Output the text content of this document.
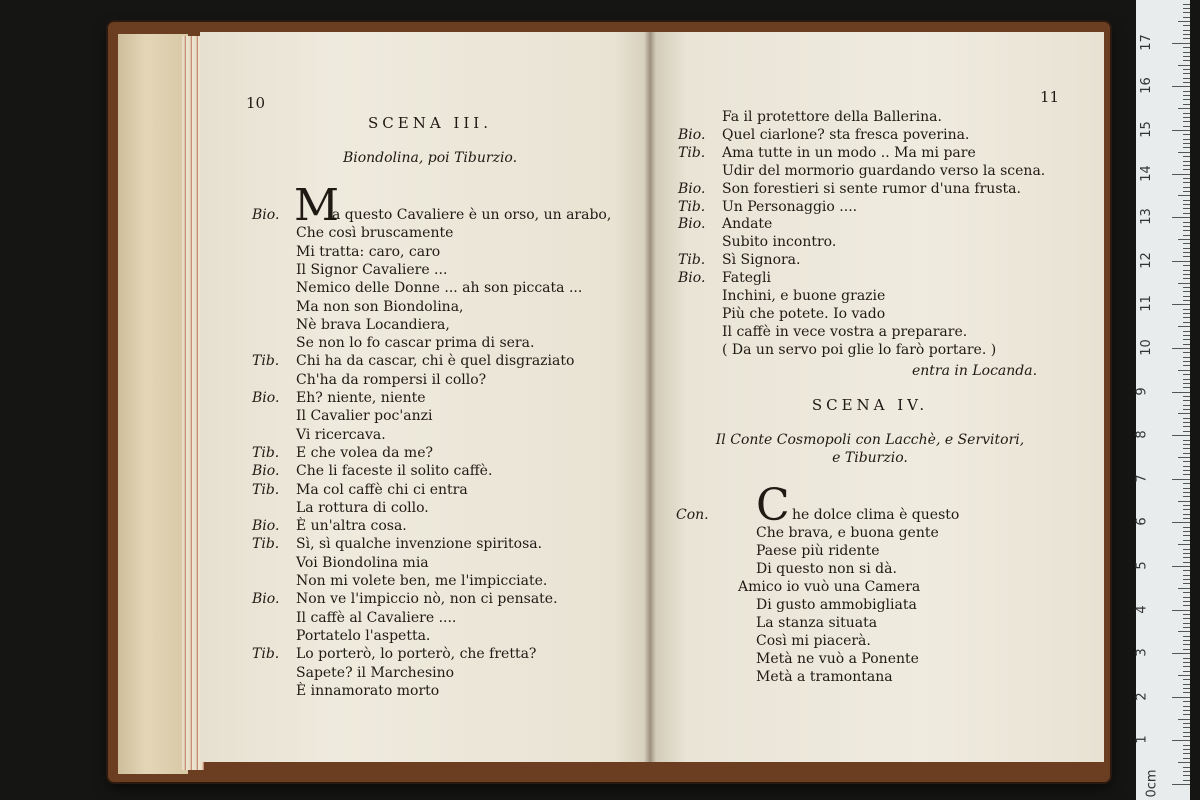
10
SCENA III.
Biondolina, poi Tiburzio.
M
Bio.	a questo Cavaliere è un orso, un arabo,
Che così bruscamente
Mi tratta: caro, caro
Il Signor Cavaliere ...
Nemico delle Donne ... ah son piccata ...
Ma non son Biondolina,
Nè brava Locandiera,
Se non lo fo cascar prima di sera.
Tib. Chi ha da cascar, chi è quel disgraziato
Ch'ha da rompersi il collo?
Bio. Eh? niente, niente
Il Cavalier poc'anzi
Vi ricercava.
Tib. E che volea da me?
Bio. Che li faceste il solito caffè.
Tib. Ma col caffè chi ci entra
La rottura di collo.
Bio. È un'altra cosa.
Tib. Sì, sì qualche invenzione spiritosa.
Voi Biondolina mia
Non mi volete ben, me l'impicciate.
Bio. Non ve l'impiccio nò, non ci pensate.
Il caffè al Cavaliere ....
Portatelo l'aspetta.
Tib. Lo porterò, lo porterò, che fretta?
Sapete? il Marchesino
È innamorato morto
11
Fa il protettore della Ballerina.
Bio. Quel ciarlone? sta fresca poverina.
Tib. Ama tutte in un modo .. Ma mi pare
Udir del mormorio guardando verso la scena.
Bio. Son forestieri si sente rumor d'una frusta.
Tib. Un Personaggio ....
Bio. Andate
Subito incontro.
Tib. Sì Signora.
Bio. Fategli
Inchini, e buone grazie
Più che potete. Io vado
Il caffè in vece vostra a preparare.
( Da un servo poi glie lo farò portare. )
entra in Locanda.
SCENA IV.
Il Conte Cosmopoli con Lacchè, e Servitori,
e Tiburzio.
Con. C he dolce clima è questo
Che brava, e buona gente
Paese più ridente
Di questo non si dà.
Amico io vuò una Camera
Di gusto ammobigliata
La stanza situata
Così mi piacerà.
Metà ne vuò a Ponente
Metà a tramontana
0cm
1
2
3
4
5
6
7
8
9
10
11
12
13
14
15
16
17
